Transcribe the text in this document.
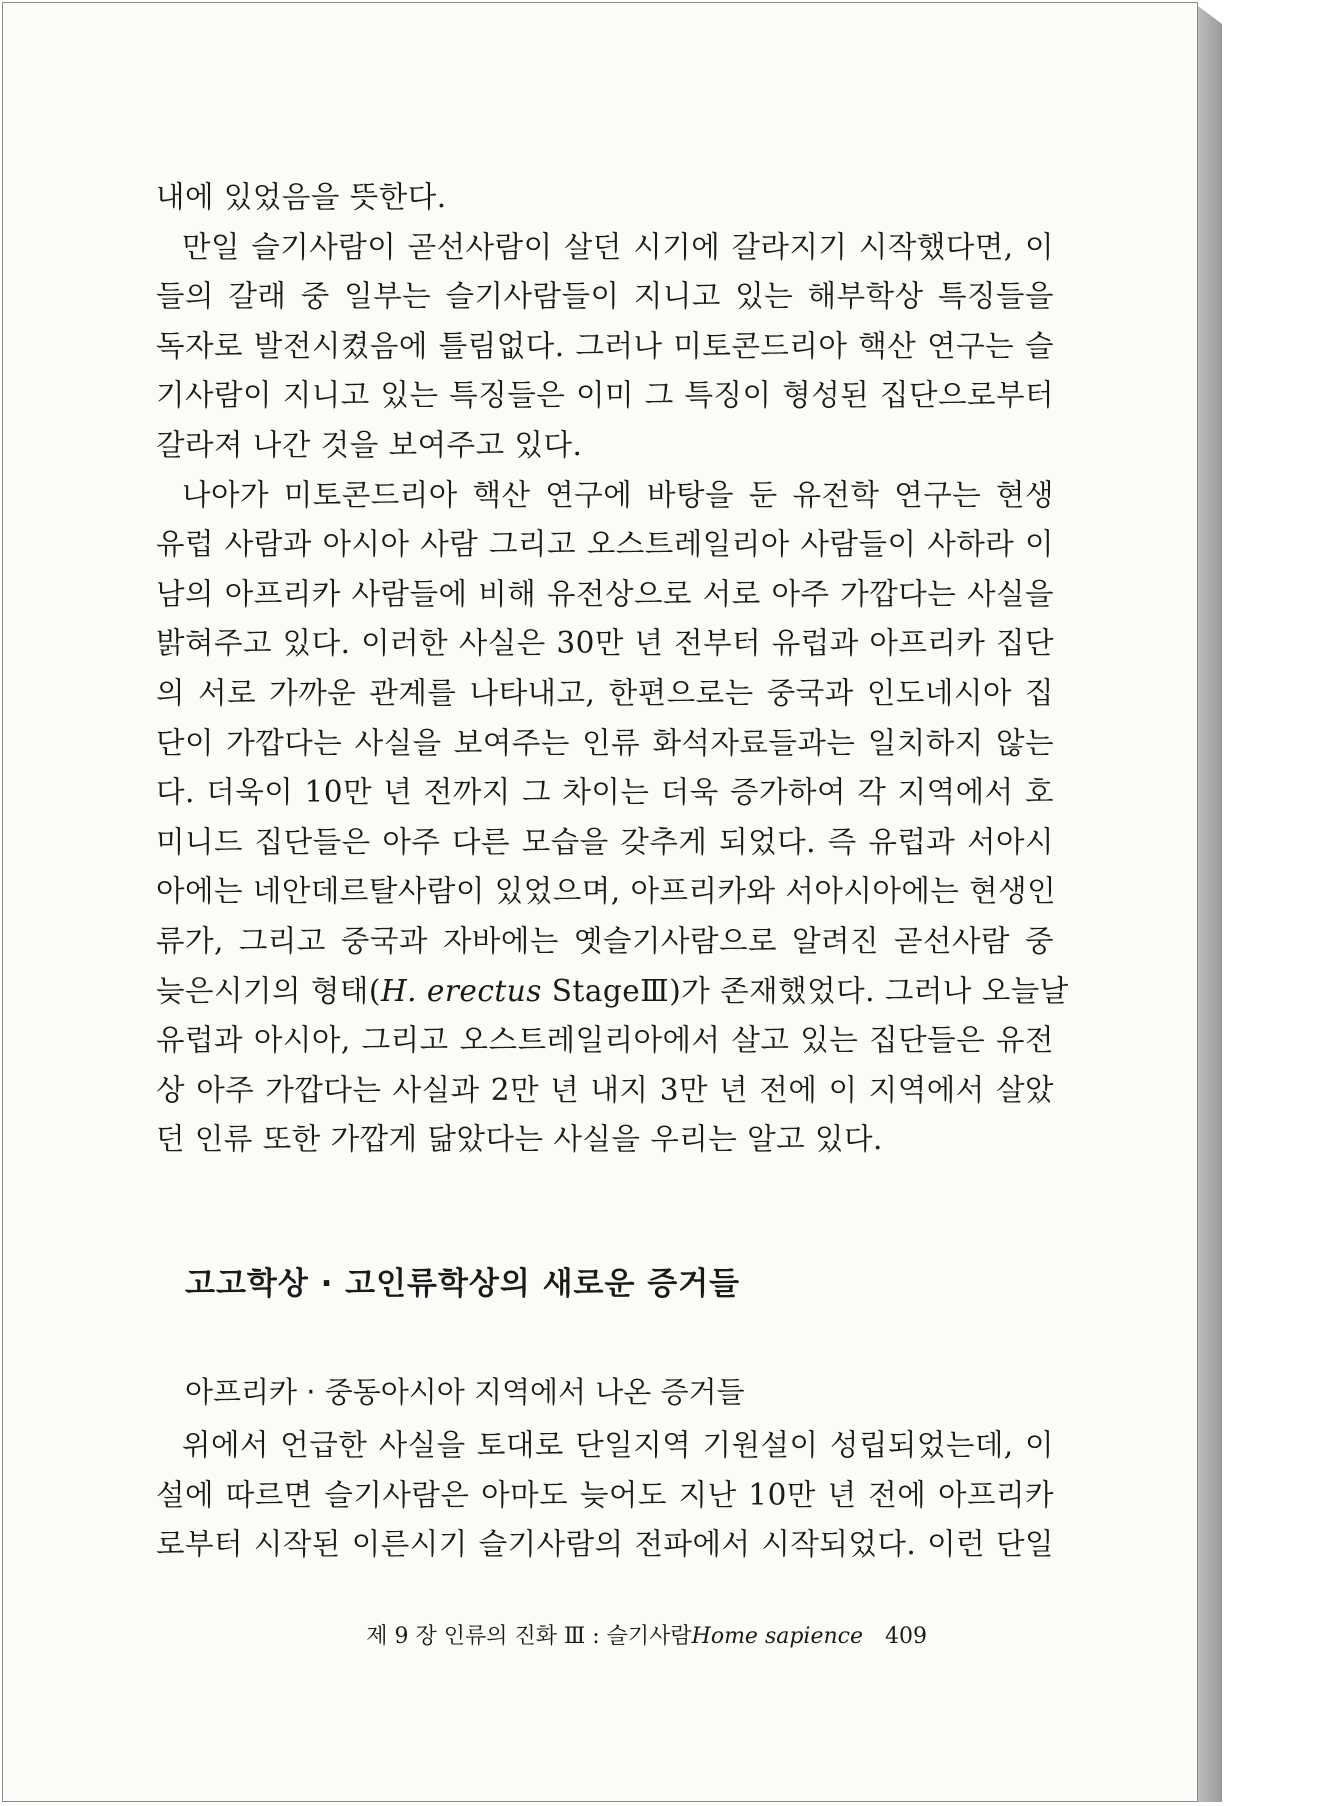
내에 있었음을 뜻한다.
만일 슬기사람이 곧선사람이 살던 시기에 갈라지기 시작했다면, 이
들의 갈래 중 일부는 슬기사람들이 지니고 있는 해부학상 특징들을
독자로 발전시켰음에 틀림없다. 그러나 미토콘드리아 핵산 연구는 슬
기사람이 지니고 있는 특징들은 이미 그 특징이 형성된 집단으로부터
갈라져 나간 것을 보여주고 있다.
나아가 미토콘드리아 핵산 연구에 바탕을 둔 유전학 연구는 현생
유럽 사람과 아시아 사람 그리고 오스트레일리아 사람들이 사하라 이
남의 아프리카 사람들에 비해 유전상으로 서로 아주 가깝다는 사실을
밝혀주고 있다. 이러한 사실은 30만 년 전부터 유럽과 아프리카 집단
의 서로 가까운 관계를 나타내고, 한편으로는 중국과 인도네시아 집
단이 가깝다는 사실을 보여주는 인류 화석자료들과는 일치하지 않는
다. 더욱이 10만 년 전까지 그 차이는 더욱 증가하여 각 지역에서 호
미니드 집단들은 아주 다른 모습을 갖추게 되었다. 즉 유럽과 서아시
아에는 네안데르탈사람이 있었으며, 아프리카와 서아시아에는 현생인
류가, 그리고 중국과 자바에는 옛슬기사람으로 알려진 곧선사람 중
늦은시기의 형태(H. erectus StageⅢ)가 존재했었다. 그러나 오늘날
유럽과 아시아, 그리고 오스트레일리아에서 살고 있는 집단들은 유전
상 아주 가깝다는 사실과 2만 년 내지 3만 년 전에 이 지역에서 살았
던 인류 또한 가깝게 닮았다는 사실을 우리는 알고 있다.
고고학상 · 고인류학상의 새로운 증거들
아프리카 · 중동아시아 지역에서 나온 증거들
위에서 언급한 사실을 토대로 단일지역 기원설이 성립되었는데, 이
설에 따르면 슬기사람은 아마도 늦어도 지난 10만 년 전에 아프리카
로부터 시작된 이른시기 슬기사람의 전파에서 시작되었다. 이런 단일
제 9 장 인류의 진화 Ⅲ : 슬기사람Home sapience 409
